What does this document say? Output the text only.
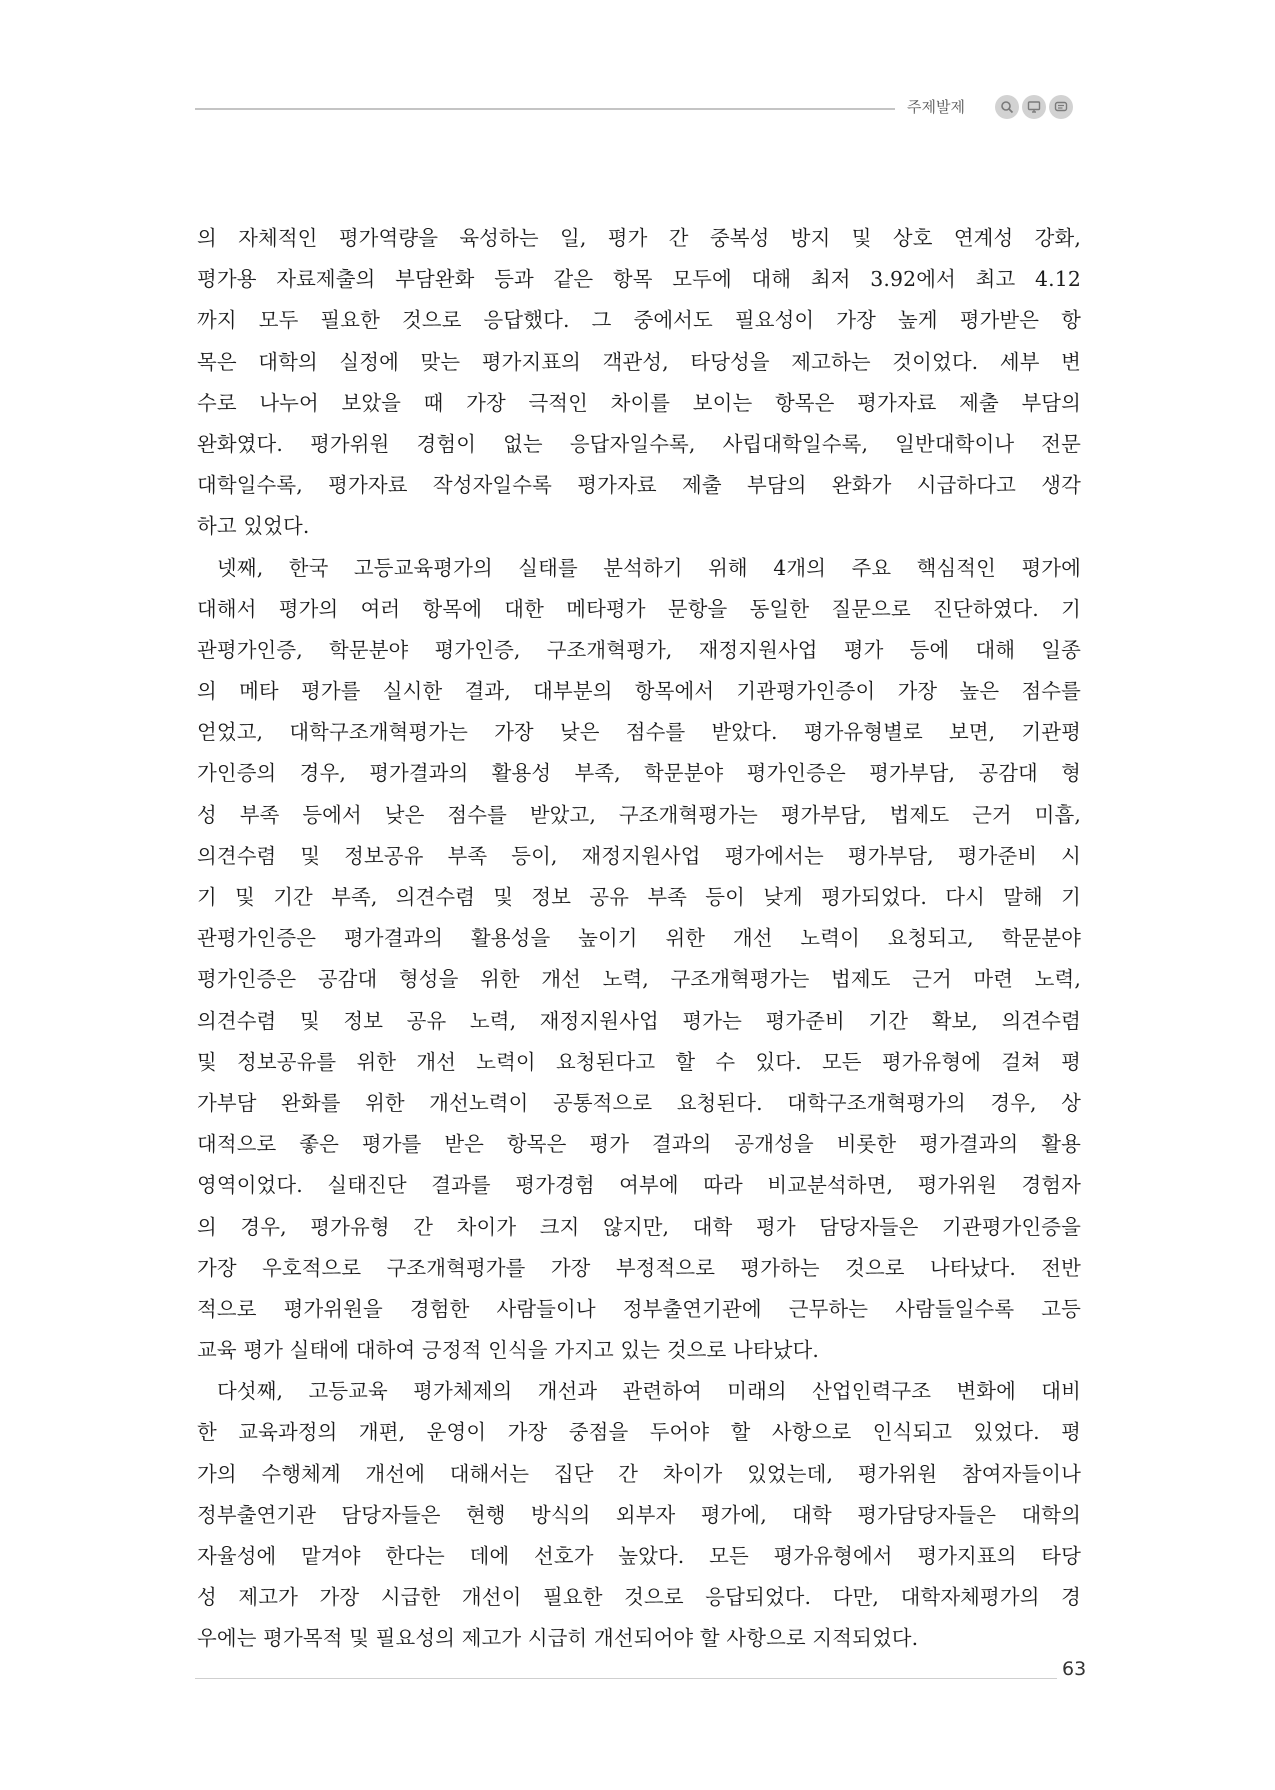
주제발제
의 자체적인 평가역량을 육성하는 일, 평가 간 중복성 방지 및 상호 연계성 강화,
평가용 자료제출의 부담완화 등과 같은 항목 모두에 대해 최저 3.92에서 최고 4.12
까지 모두 필요한 것으로 응답했다. 그 중에서도 필요성이 가장 높게 평가받은 항
목은 대학의 실정에 맞는 평가지표의 객관성, 타당성을 제고하는 것이었다. 세부 변
수로 나누어 보았을 때 가장 극적인 차이를 보이는 항목은 평가자료 제출 부담의
완화였다. 평가위원 경험이 없는 응답자일수록, 사립대학일수록, 일반대학이나 전문
대학일수록, 평가자료 작성자일수록 평가자료 제출 부담의 완화가 시급하다고 생각
하고 있었다.
넷째, 한국 고등교육평가의 실태를 분석하기 위해 4개의 주요 핵심적인 평가에
대해서 평가의 여러 항목에 대한 메타평가 문항을 동일한 질문으로 진단하였다. 기
관평가인증, 학문분야 평가인증, 구조개혁평가, 재정지원사업 평가 등에 대해 일종
의 메타 평가를 실시한 결과, 대부분의 항목에서 기관평가인증이 가장 높은 점수를
얻었고, 대학구조개혁평가는 가장 낮은 점수를 받았다. 평가유형별로 보면, 기관평
가인증의 경우, 평가결과의 활용성 부족, 학문분야 평가인증은 평가부담, 공감대 형
성 부족 등에서 낮은 점수를 받았고, 구조개혁평가는 평가부담, 법제도 근거 미흡,
의견수렴 및 정보공유 부족 등이, 재정지원사업 평가에서는 평가부담, 평가준비 시
기 및 기간 부족, 의견수렴 및 정보 공유 부족 등이 낮게 평가되었다. 다시 말해 기
관평가인증은 평가결과의 활용성을 높이기 위한 개선 노력이 요청되고, 학문분야
평가인증은 공감대 형성을 위한 개선 노력, 구조개혁평가는 법제도 근거 마련 노력,
의견수렴 및 정보 공유 노력, 재정지원사업 평가는 평가준비 기간 확보, 의견수렴
및 정보공유를 위한 개선 노력이 요청된다고 할 수 있다. 모든 평가유형에 걸쳐 평
가부담 완화를 위한 개선노력이 공통적으로 요청된다. 대학구조개혁평가의 경우, 상
대적으로 좋은 평가를 받은 항목은 평가 결과의 공개성을 비롯한 평가결과의 활용
영역이었다. 실태진단 결과를 평가경험 여부에 따라 비교분석하면, 평가위원 경험자
의 경우, 평가유형 간 차이가 크지 않지만, 대학 평가 담당자들은 기관평가인증을
가장 우호적으로 구조개혁평가를 가장 부정적으로 평가하는 것으로 나타났다. 전반
적으로 평가위원을 경험한 사람들이나 정부출연기관에 근무하는 사람들일수록 고등
교육 평가 실태에 대하여 긍정적 인식을 가지고 있는 것으로 나타났다.
다섯째, 고등교육 평가체제의 개선과 관련하여 미래의 산업인력구조 변화에 대비
한 교육과정의 개편, 운영이 가장 중점을 두어야 할 사항으로 인식되고 있었다. 평
가의 수행체계 개선에 대해서는 집단 간 차이가 있었는데, 평가위원 참여자들이나
정부출연기관 담당자들은 현행 방식의 외부자 평가에, 대학 평가담당자들은 대학의
자율성에 맡겨야 한다는 데에 선호가 높았다. 모든 평가유형에서 평가지표의 타당
성 제고가 가장 시급한 개선이 필요한 것으로 응답되었다. 다만, 대학자체평가의 경
우에는 평가목적 및 필요성의 제고가 시급히 개선되어야 할 사항으로 지적되었다.
63
